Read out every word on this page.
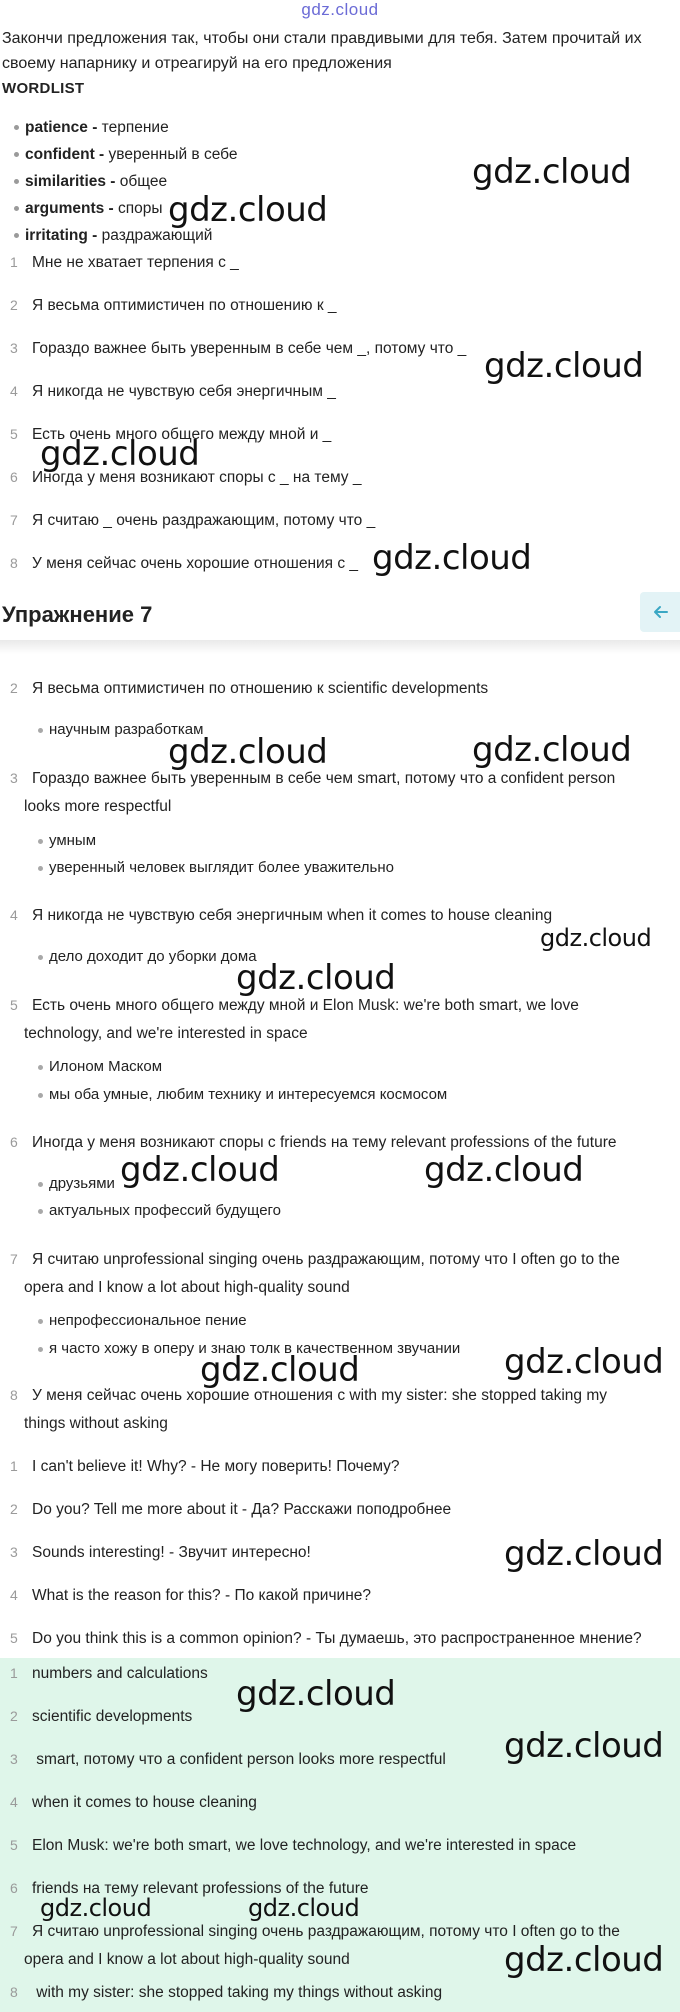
gdz.cloud
Закончи предложения так, чтобы они стали правдивыми для тебя. Затем прочитай их своему напарнику и отреагируй на его предложения
WORDLIST
patience - терпение
confident - уверенный в себе
similarities - общее
arguments - споры
irritating - раздражающий
1 Мне не хватает терпения с _
2 Я весьма оптимистичен по отношению к _
3 Гораздо важнее быть уверенным в себе чем _, потому что _
4 Я никогда не чувствую себя энергичным _
5 Есть очень много общего между мной и _
6 Иногда у меня возникают споры с _ на тему _
7 Я считаю _ очень раздражающим, потому что _
8 У меня сейчас очень хорошие отношения с _
Упражнение 7
2 Я весьма оптимистичен по отношению к scientific developments
научным разработкам
3 Гораздо важнее быть уверенным в себе чем smart, потому что a confident person
looks more respectful
умным
уверенный человек выглядит более уважительно
4 Я никогда не чувствую себя энергичным when it comes to house cleaning
дело доходит до уборки дома
5 Есть очень много общего между мной и Elon Musk: we're both smart, we love
technology, and we're interested in space
Илоном Маском
мы оба умные, любим технику и интересуемся космосом
6 Иногда у меня возникают споры с friends на тему relevant professions of the future
друзьями
актуальных профессий будущего
7 Я считаю unprofessional singing очень раздражающим, потому что I often go to the
opera and I know a lot about high-quality sound
непрофессиональное пение
я часто хожу в оперу и знаю толк в качественном звучании
8 У меня сейчас очень хорошие отношения с with my sister: she stopped taking my
things without asking
1 I can't believe it! Why? - Не могу поверить! Почему?
2 Do you? Tell me more about it - Да? Расскажи поподробнее
3 Sounds interesting! - Звучит интересно!
4 What is the reason for this? - По какой причине?
5 Do you think this is a common opinion? - Ты думаешь, это распространенное мнение?
1 numbers and calculations
2 scientific developments
3 smart, потому что a confident person looks more respectful
4 when it comes to house cleaning
5 Elon Musk: we're both smart, we love technology, and we're interested in space
6 friends на тему relevant professions of the future
7 Я считаю unprofessional singing очень раздражающим, потому что I often go to the
opera and I know a lot about high-quality sound
8 with my sister: she stopped taking my things without asking
gdz.cloud
gdz.cloud
gdz.cloud
gdz.cloud
gdz.cloud
gdz.cloud	gdz.cloud
gdz.cloud
gdz.cloud
gdz.cloud	gdz.cloud
gdz.cloud
gdz.cloud
gdz.cloud
gdz.cloud
gdz.cloud
gdz.cloud	gdz.cloud
gdz.cloud
